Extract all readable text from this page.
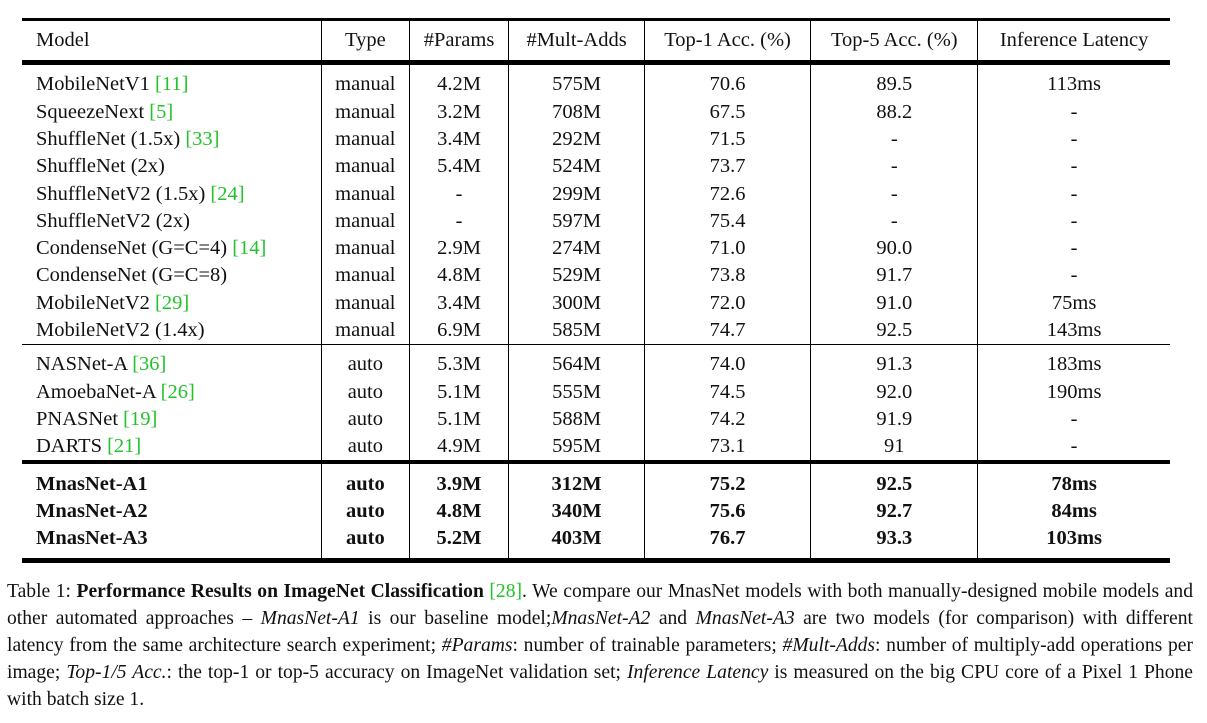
Model	Type	#Params	#Mult-Adds	Top-1 Acc. (%)	Top-5 Acc. (%)	Inference Latency
MobileNetV1 [11]	manual	4.2M	575M	70.6	89.5	113ms
SqueezeNext [5]	manual	3.2M	708M	67.5	88.2	-
ShuffleNet (1.5x) [33]	manual	3.4M	292M	71.5	-	-
ShuffleNet (2x)	manual	5.4M	524M	73.7	-	-
ShuffleNetV2 (1.5x) [24]	manual	-	299M	72.6	-	-
ShuffleNetV2 (2x)	manual	-	597M	75.4	-	-
CondenseNet (G=C=4) [14]	manual	2.9M	274M	71.0	90.0	-
CondenseNet (G=C=8)	manual	4.8M	529M	73.8	91.7	-
MobileNetV2 [29]	manual	3.4M	300M	72.0	91.0	75ms
MobileNetV2 (1.4x)	manual	6.9M	585M	74.7	92.5	143ms
NASNet-A [36]	auto	5.3M	564M	74.0	91.3	183ms
AmoebaNet-A [26]	auto	5.1M	555M	74.5	92.0	190ms
PNASNet [19]	auto	5.1M	588M	74.2	91.9	-
DARTS [21]	auto	4.9M	595M	73.1	91	-
MnasNet-A1	auto	3.9M	312M	75.2	92.5	78ms
MnasNet-A2	auto	4.8M	340M	75.6	92.7	84ms
MnasNet-A3	auto	5.2M	403M	76.7	93.3	103ms
Table 1: Performance Results on ImageNet Classification [28]. We compare our MnasNet models with both manually-designed mobile models and other automated approaches – MnasNet-A1 is our baseline model;MnasNet-A2 and MnasNet-A3 are two models (for comparison) with different latency from the same architecture search experiment; #Params: number of trainable parameters; #Mult-Adds: number of multiply-add operations per image; Top-1/5 Acc.: the top-1 or top-5 accuracy on ImageNet validation set; Inference Latency is measured on the big CPU core of a Pixel 1 Phone with batch size 1.
